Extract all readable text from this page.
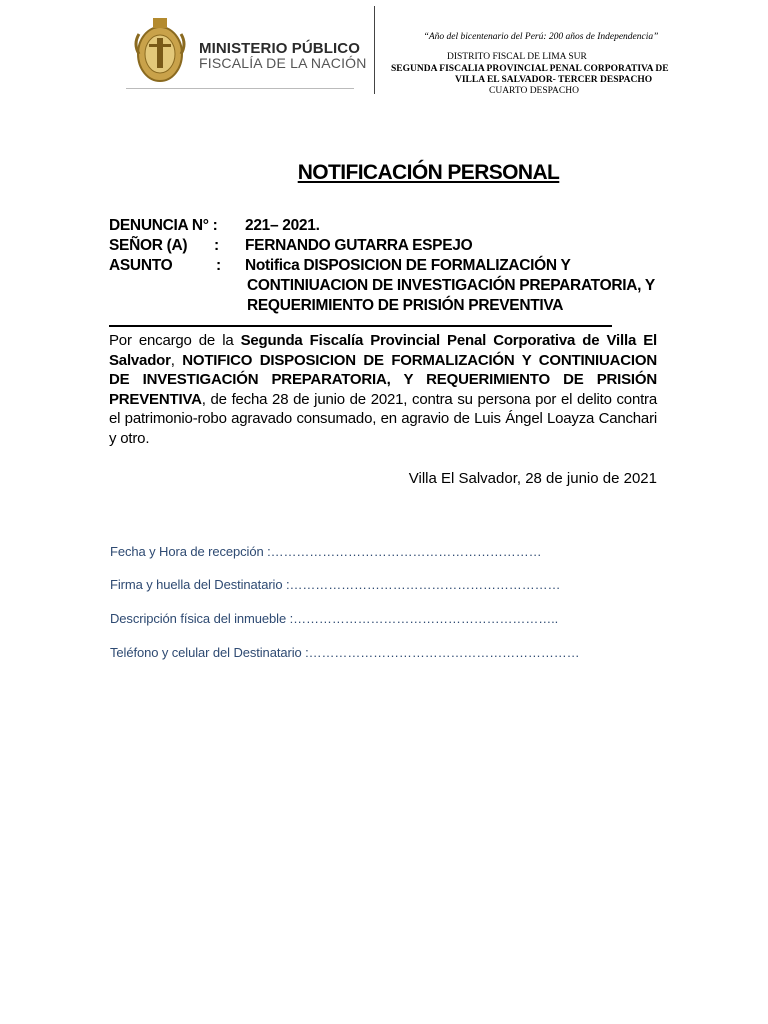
MINISTERIO PÚBLICO
FISCALÍA DE LA NACIÓN
“Año del bicentenario del Perú: 200 años de Independencia”
DISTRITO FISCAL DE LIMA SUR
SEGUNDA FISCALIA PROVINCIAL PENAL CORPORATIVA DE
VILLA EL SALVADOR- TERCER DESPACHO
CUARTO DESPACHO
NOTIFICACIÓN PERSONAL
DENUNCIA N° : 221– 2021.
SEÑOR (A) : FERNANDO GUTARRA ESPEJO
ASUNTO	: Notifica DISPOSICION DE FORMALIZACIÓN Y
CONTINIUACION DE INVESTIGACIÓN PREPARATORIA, Y
REQUERIMIENTO DE PRISIÓN PREVENTIVA
Por encargo de la Segunda Fiscalía Provincial Penal Corporativa de Villa El Salvador, NOTIFICO DISPOSICION DE FORMALIZACIÓN Y CONTINIUACION DE INVESTIGACIÓN PREPARATORIA, Y REQUERIMIENTO DE PRISIÓN PREVENTIVA, de fecha 28 de junio de 2021, contra su persona por el delito contra el patrimonio-robo agravado consumado, en agravio de Luis Ángel Loayza Canchari y otro.
Villa El Salvador, 28 de junio de 2021
Fecha y Hora de recepción :………………………………………………………
Firma y huella del Destinatario :………………………………………………………
Descripción física del inmueble :……………………………………………………..
Teléfono y celular del Destinatario :………………………………………………………
